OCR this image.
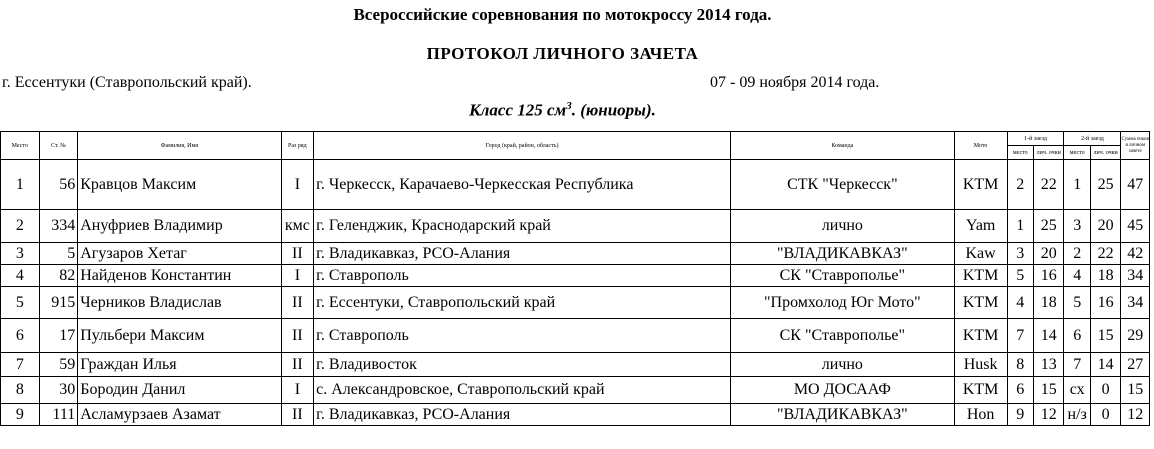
Всероссийские соревнования по мотокроссу 2014 года.
ПРОТОКОЛ ЛИЧНОГО ЗАЧЕТА
г. Ессентуки (Ставропольский край).	07 - 09 ноября 2014 года.
Класс 125 $см^3$. (юниоры).
Место	Ст. №	Фамилия, Имя	Раз ряд	Город (край, район, область)	Команда	Мото	1-й заезд		2-й заезд		Сумма очков в личном зачете
							место	лич. очки	место	лич. очки	

1	56	Кравцов Максим	I	г. Черкесск, Карачаево-Черкесская Республика	СТК "Черкесск"	KTM	2	22	1	25	47
2	334	Ануфриев Владимир	кмс	г. Геленджик, Краснодарский край	лично	Yam	1	25	3	20	45
3	5	Агузаров Хетаг	II	г. Владикавказ, РСО-Алания	"ВЛАДИКАВКАЗ"	Kaw	3	20	2	22	42
4	82	Найденов Константин	I	г. Ставрополь	СК "Ставрополье"	KTM	5	16	4	18	34
5	915	Черников Владислав	II	г. Ессентуки, Ставропольский край	"Промхолод Юг Мото"	KTM	4	18	5	16	34
6	17	Пульбери Максим	II	г. Ставрополь	СК "Ставрополье"	KTM	7	14	6	15	29
7	59	Граждан Илья	II	г. Владивосток	лично	Husk	8	13	7	14	27
8	30	Бородин Данил	I	с. Александровское, Ставропольский край	МО ДОСААФ	KTM	6	15	сх	0	15
9	111	Асламурзаев Азамат	II	г. Владикавказ, РСО-Алания	"ВЛАДИКАВКАЗ"	Hon	9	12	н/з	0	12
